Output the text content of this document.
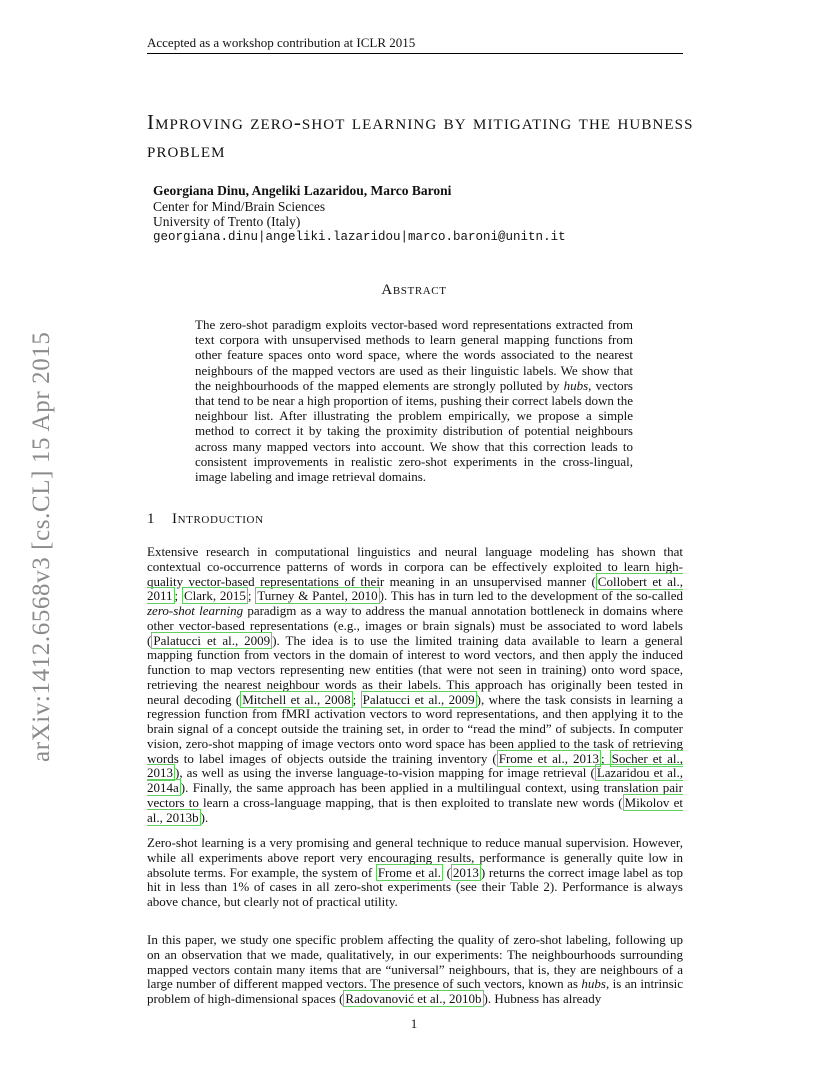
Accepted as a workshop contribution at ICLR 2015
arXiv:1412.6568v3 [cs.CL] 15 Apr 2015
Improving zero-shot learning by mitigating the hubness problem
Georgiana Dinu, Angeliki Lazaridou, Marco Baroni
Center for Mind/Brain Sciences
University of Trento (Italy)
georgiana.dinu|angeliki.lazaridou|marco.baroni@unitn.it
Abstract

The zero-shot paradigm exploits vector-based word representations extracted from text corpora with unsupervised methods to learn general mapping functions from other feature spaces onto word space, where the words associated to the nearest neighbours of the mapped vectors are used as their linguistic labels. We show that the neighbourhoods of the mapped elements are strongly polluted by hubs, vectors that tend to be near a high proportion of items, pushing their correct labels down the neighbour list. After illustrating the problem empirically, we propose a simple method to correct it by taking the proximity distribution of potential neighbours across many mapped vectors into account. We show that this correction leads to consistent improvements in realistic zero-shot experiments in the cross-lingual, image labeling and image retrieval domains.

1 Introduction

Extensive research in computational linguistics and neural language modeling has shown that contextual co-occurrence patterns of words in corpora can be effectively exploited to learn high-quality vector-based representations of their meaning in an unsupervised manner ( Collobert et al., 2011 ; Clark, 2015 ; Turney & Pantel, 2010 ). This has in turn led to the development of the so-called zero-shot learning paradigm as a way to address the manual annotation bottleneck in domains where other vector-based representations (e.g., images or brain signals) must be associated to word labels ( Palatucci et al., 2009 ). The idea is to use the limited training data available to learn a general mapping function from vectors in the domain of interest to word vectors, and then apply the induced function to map vectors representing new entities (that were not seen in training) onto word space, retrieving the nearest neighbour words as their labels. This approach has originally been tested in neural decoding ( Mitchell et al., 2008 ; Palatucci et al., 2009 ), where the task consists in learning a regression function from fMRI activation vectors to word representations, and then applying it to the brain signal of a concept outside the training set, in order to “read the mind” of subjects. In computer vision, zero-shot mapping of image vectors onto word space has been applied to the task of retrieving words to label images of objects outside the training inventory ( Frome et al., 2013 ; Socher et al., 2013 ), as well as using the inverse language-to-vision mapping for image retrieval ( Lazaridou et al., 2014a ). Finally, the same approach has been applied in a multilingual context, using translation pair vectors to learn a cross-language mapping, that is then exploited to translate new words ( Mikolov et al., 2013b ).

Zero-shot learning is a very promising and general technique to reduce manual supervision. However, while all experiments above report very encouraging results, performance is generally quite low in absolute terms. For example, the system of Frome et al. ( 2013 ) returns the correct image label as top hit in less than 1% of cases in all zero-shot experiments (see their Table 2). Performance is always above chance, but clearly not of practical utility.

In this paper, we study one specific problem affecting the quality of zero-shot labeling, following up on an observation that we made, qualitatively, in our experiments: The neighbourhoods surrounding mapped vectors contain many items that are “universal” neighbours, that is, they are neighbours of a large number of different mapped vectors. The presence of such vectors, known as hubs, is an intrinsic problem of high-dimensional spaces ( Radovanović et al., 2010b ). Hubness has already

1
